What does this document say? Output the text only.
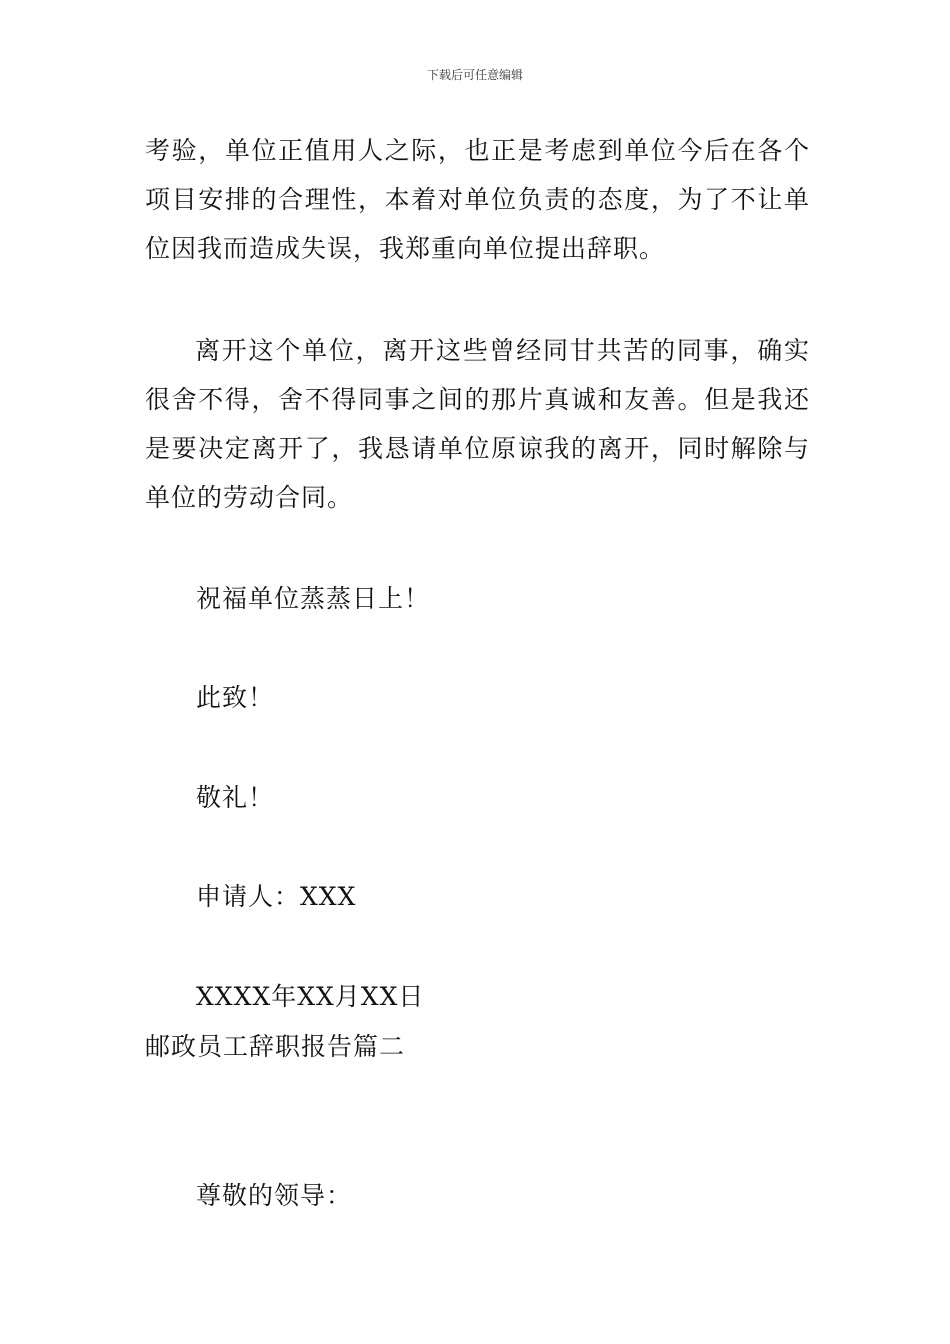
下载后可任意编辑

考验，单位正值用人之际，也正是考虑到单位今后在各个项目安排的合理性，本着对单位负责的态度，为了不让单位因我而造成失误，我郑重向单位提出辞职。

离开这个单位，离开这些曾经同甘共苦的同事，确实很舍不得，舍不得同事之间的那片真诚和友善。但是我还是要决定离开了，我恳请单位原谅我的离开，同时解除与单位的劳动合同。

祝福单位蒸蒸日上！

此致！

敬礼！

申请人：XXX

XXXX年XX月XX日

邮政员工辞职报告篇二

尊敬的领导：
